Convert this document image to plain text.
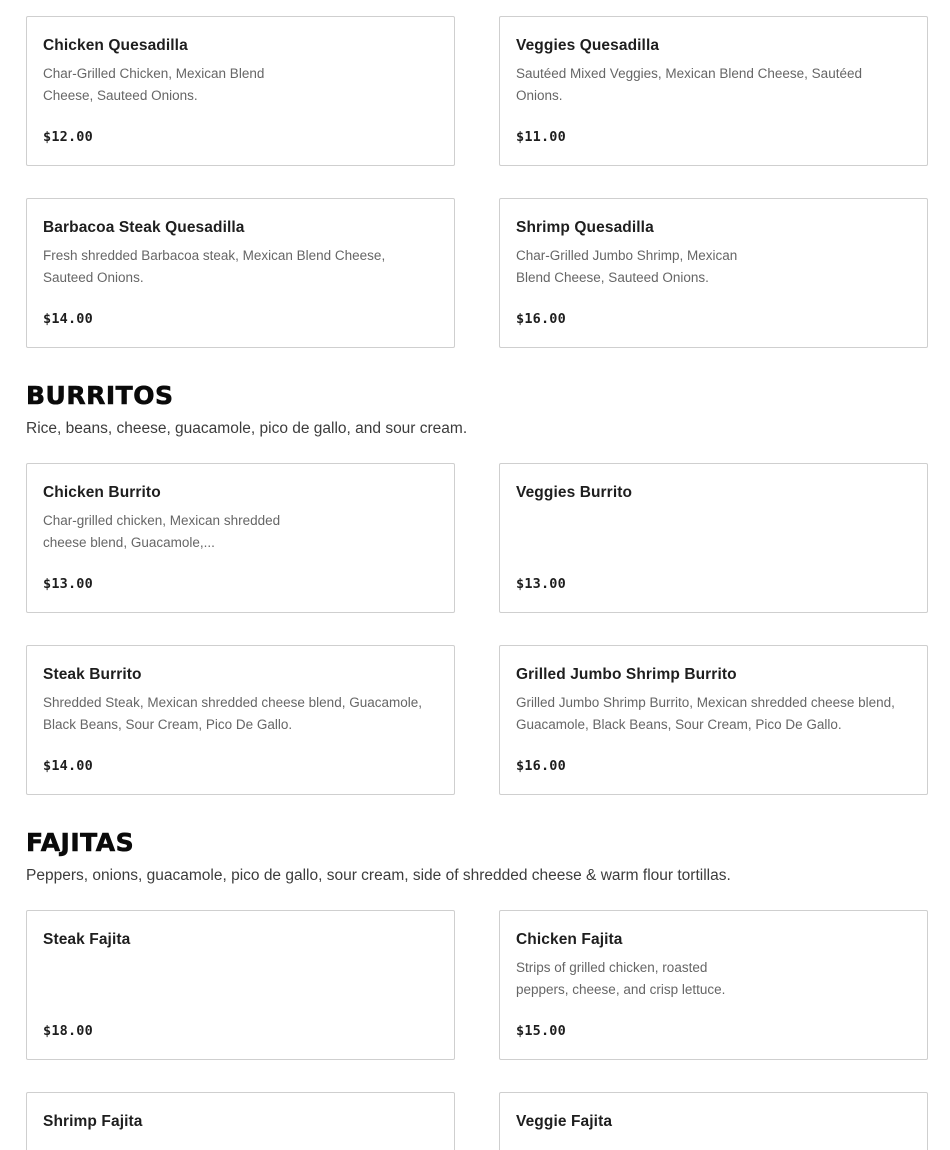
Chicken Quesadilla
Char-Grilled Chicken, Mexican Blend Cheese, Sauteed Onions.
$12.00
Veggies Quesadilla
Sautéed Mixed Veggies, Mexican Blend Cheese, Sautéed Onions.
$11.00
Barbacoa Steak Quesadilla
Fresh shredded Barbacoa steak, Mexican Blend Cheese, Sauteed Onions.
$14.00
Shrimp Quesadilla
Char-Grilled Jumbo Shrimp, Mexican Blend Cheese, Sauteed Onions.
$16.00
BURRITOS
Rice, beans, cheese, guacamole, pico de gallo, and sour cream.
Chicken Burrito
Char-grilled chicken, Mexican shredded cheese blend, Guacamole,...
$13.00
Veggies Burrito
$13.00
Steak Burrito
Shredded Steak, Mexican shredded cheese blend, Guacamole, Black Beans, Sour Cream, Pico De Gallo.
$14.00
Grilled Jumbo Shrimp Burrito
Grilled Jumbo Shrimp Burrito, Mexican shredded cheese blend, Guacamole, Black Beans, Sour Cream, Pico De Gallo.
$16.00
FAJITAS
Peppers, onions, guacamole, pico de gallo, sour cream, side of shredded cheese & warm flour tortillas.
Steak Fajita
$18.00
Chicken Fajita
Strips of grilled chicken, roasted peppers, cheese, and crisp lettuce.
$15.00
Shrimp Fajita	Veggie Fajita
